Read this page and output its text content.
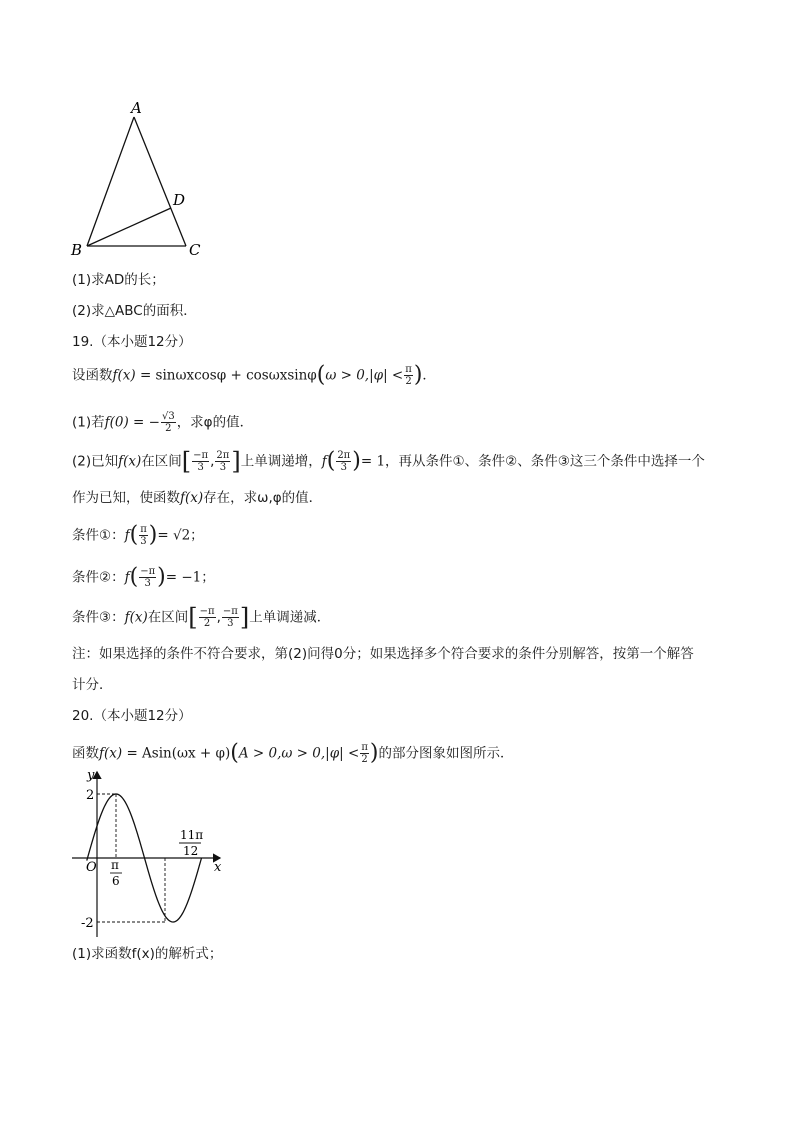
A
B	C
D
(1)求AD的长；
(2)求△ABC的面积．
19.（本小题12分）
设函数$f(x) = \sin\omega xcos\varphi + \cos\omega xsin\varphi(\omega > 0,|\varphi| < \frac{\pi}{2}$ )．
(1)若f(0) = − $\frac{√3}{2}$ ，求φ的值．
(2)已知f(x)在区间[ $\frac{-\pi}{3}$ , $\frac{2\pi}{3}$ ]上单调递增，$f( \frac{2\pi}{3}$ )= 1，再从条件①、条件②、条件③这三个条件中选择一个
作为已知，使函数f(x)存在，求ω,φ的值．
条件①：$f( \frac{\pi}{3}$ )= √2；
条件②：$f( \frac{-\pi}{3}$ )= −1；
条件③：f(x)在区间[ $\frac{-\pi}{2}$ , $\frac{-\pi}{3}$ ]上单调递减．
注：如果选择的条件不符合要求，第(2)问得0分；如果选择多个符合要求的条件分别解答，按第一个解答
计分．
20.（本小题12分）
函数$f(x) = Asin(\omega x + \varphi)(A > 0,\omega > 0,|\varphi| < \frac{\pi}{2}$ )的部分图象如图所示．
y
x
O
2
-2
π
6
11π
12
(1)求函数f(x)的解析式；
